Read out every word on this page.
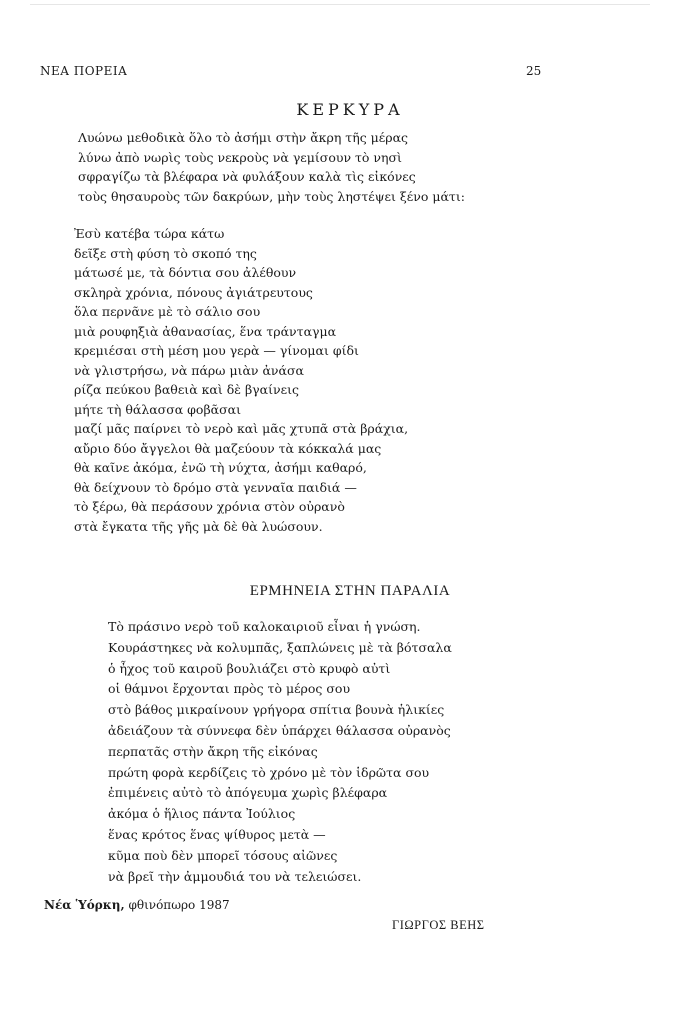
ΝΕΑ ΠΟΡΕΙΑ	25
ΚΕΡΚΥΡΑ
Λυώνω μεθοδικὰ ὅλο τὸ ἀσήμι στὴν ἄκρη τῆς μέρας
λύνω ἀπὸ νωρὶς τοὺς νεκροὺς νὰ γεμίσουν τὸ νησὶ
σφραγίζω τὰ βλέφαρα νὰ φυλάξουν καλὰ τὶς εἰκόνες
τοὺς θησαυροὺς τῶν δακρύων, μὴν τοὺς ληστέψει ξένο μάτι:
Ἐσὺ κατέβα τώρα κάτω
δεῖξε στὴ φύση τὸ σκοπό της
μάτωσέ με, τὰ δόντια σου ἀλέθουν
σκληρὰ χρόνια, πόνους ἀγιάτρευτους
ὅλα περνᾶνε μὲ τὸ σάλιο σου
μιὰ ρουφηξιὰ ἀθανασίας, ἕνα τράνταγμα
κρεμιέσαι στὴ μέση μου γερὰ — γίνομαι φίδι
νὰ γλιστρήσω, νὰ πάρω μιὰν ἀνάσα
ρίζα πεύκου βαθειὰ καὶ δὲ βγαίνεις
μήτε τὴ θάλασσα φοβᾶσαι
μαζί μᾶς παίρνει τὸ νερὸ καὶ μᾶς χτυπᾶ στὰ βράχια,
αὔριο δύο ἄγγελοι θὰ μαζεύουν τὰ κόκκαλά μας
θὰ καῖνε ἀκόμα, ἐνῶ τὴ νύχτα, ἀσήμι καθαρό,
θὰ δείχνουν τὸ δρόμο στὰ γενναῖα παιδιά —
τὸ ξέρω, θὰ περάσουν χρόνια στὸν οὐρανὸ
στὰ ἔγκατα τῆς γῆς μὰ δὲ θὰ λυώσουν.
ΕΡΜΗΝΕΙΑ ΣΤΗΝ ΠΑΡΑΛΙΑ
Τὸ πράσινο νερὸ τοῦ καλοκαιριοῦ εἶναι ἡ γνώση.
Κουράστηκες νὰ κολυμπᾶς, ξαπλώνεις μὲ τὰ βότσαλα
ὁ ἦχος τοῦ καιροῦ βουλιάζει στὸ κρυφὸ αὐτὶ
οἱ θάμνοι ἔρχονται πρὸς τὸ μέρος σου
στὸ βάθος μικραίνουν γρήγορα σπίτια βουνὰ ἡλικίες
ἀδειάζουν τὰ σύννεφα δὲν ὑπάρχει θάλασσα οὐρανὸς
περπατᾶς στὴν ἄκρη τῆς εἰκόνας
πρώτη φορὰ κερδίζεις τὸ χρόνο μὲ τὸν ἱδρῶτα σου
ἐπιμένεις αὐτὸ τὸ ἀπόγευμα χωρὶς βλέφαρα
ἀκόμα ὁ ἥλιος πάντα Ἰούλιος
ἕνας κρότος ἕνας ψίθυρος μετὰ —
κῦμα ποὺ δὲν μπορεῖ τόσους αἰῶνες
νὰ βρεῖ τὴν ἀμμουδιά του νὰ τελειώσει.
Νέα Ὑόρκη, φθινόπωρο 1987
ΓΙΩΡΓΟΣ ΒΕΗΣ
